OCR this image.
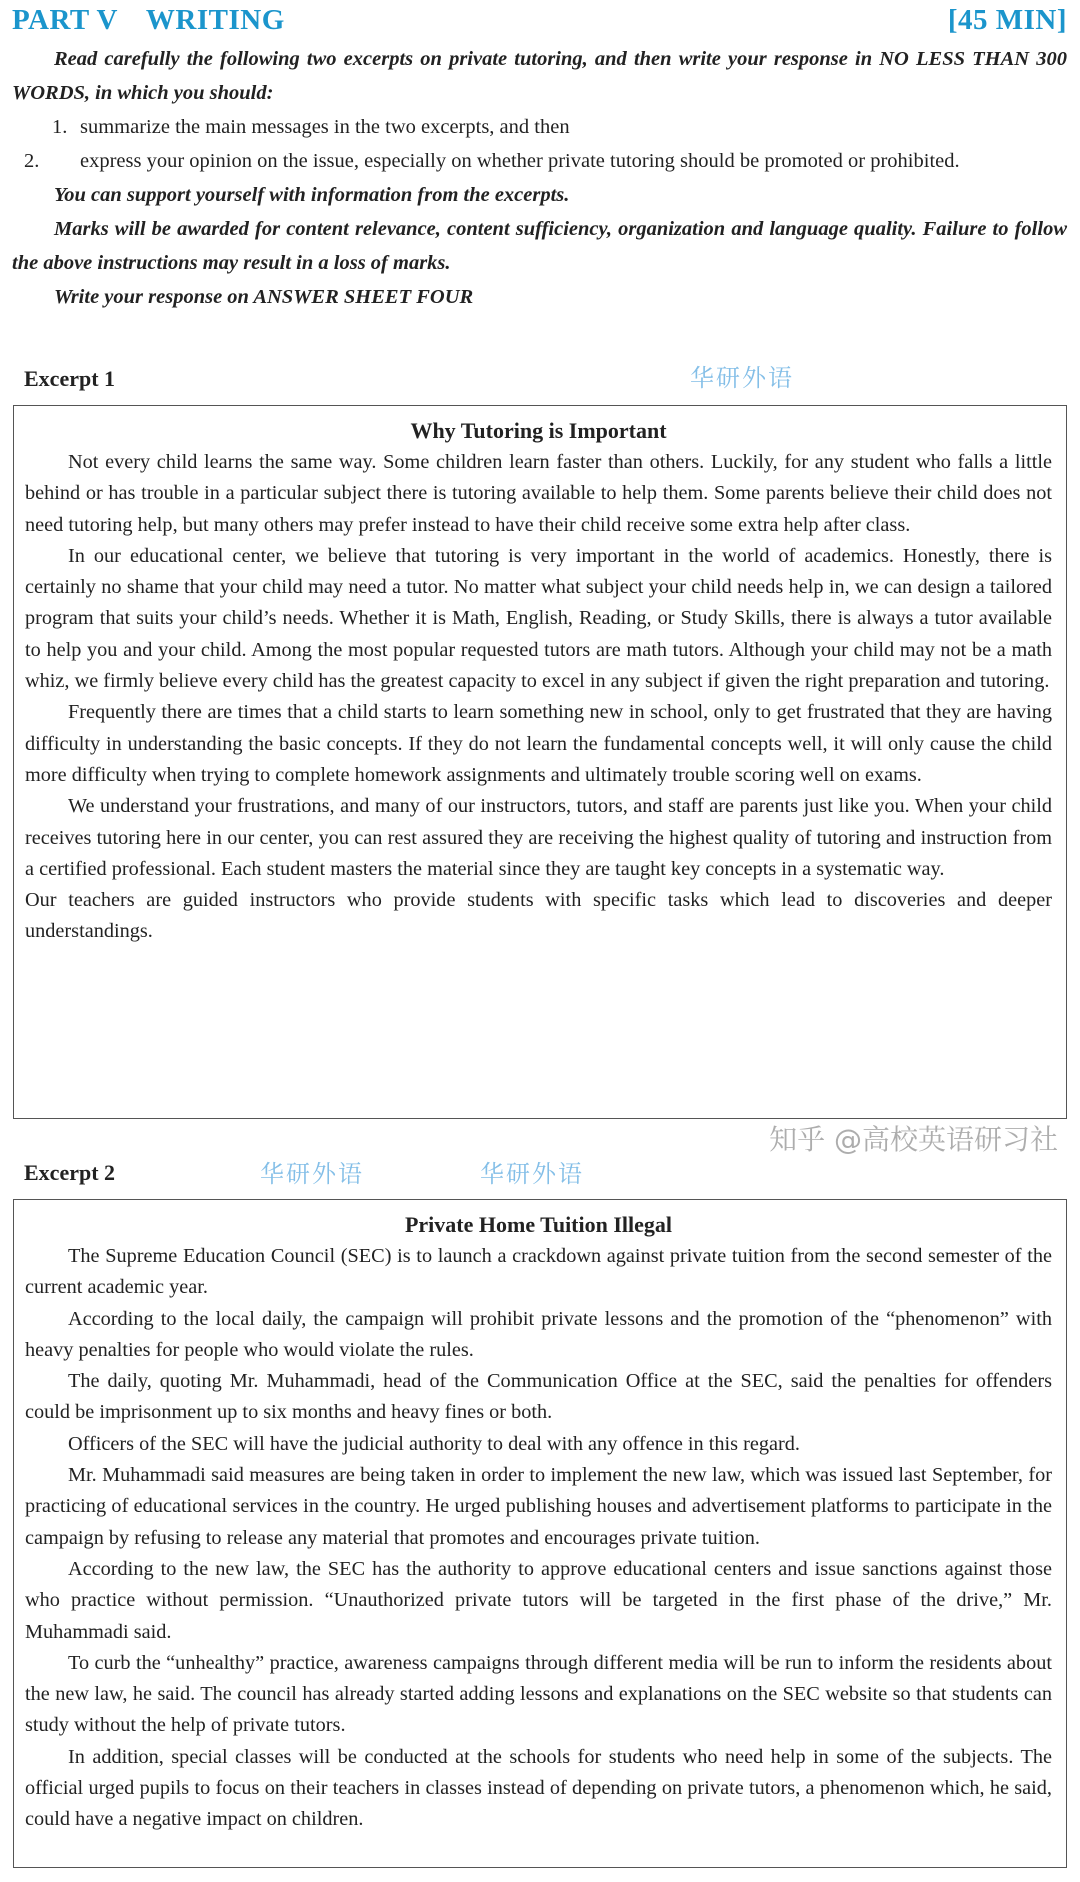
PART V WRITING	[45 MIN]

Read carefully the following two excerpts on private tutoring, and then write your response in NO LESS THAN 300 WORDS, in which you should:

1. summarize the main messages in the two excerpts, and then

2. express your opinion on the issue, especially on whether private tutoring should be promoted or prohibited.

You can support yourself with information from the excerpts.

Marks will be awarded for content relevance, content sufficiency, organization and language quality. Failure to follow the above instructions may result in a loss of marks.

Write your response on ANSWER SHEET FOUR

华研外语
Excerpt 1
Why Tutoring is Important

Not every child learns the same way. Some children learn faster than others. Luckily, for any student who falls a little behind or has trouble in a particular subject there is tutoring available to help them. Some parents believe their child does not need tutoring help, but many others may prefer instead to have their child receive some extra help after class.

In our educational center, we believe that tutoring is very important in the world of academics. Honestly, there is certainly no shame that your child may need a tutor. No matter what subject your child needs help in, we can design a tailored program that suits your child’s needs. Whether it is Math, English, Reading, or Study Skills, there is always a tutor available to help you and your child. Among the most popular requested tutors are math tutors. Although your child may not be a math whiz, we firmly believe every child has the greatest capacity to excel in any subject if given the right preparation and tutoring.

Frequently there are times that a child starts to learn something new in school, only to get frustrated that they are having difficulty in understanding the basic concepts. If they do not learn the fundamental concepts well, it will only cause the child more difficulty when trying to complete homework assignments and ultimately trouble scoring well on exams.

We understand your frustrations, and many of our instructors, tutors, and staff are parents just like you. When your child receives tutoring here in our center, you can rest assured they are receiving the highest quality of tutoring and instruction from a certified professional. Each student masters the material since they are taught key concepts in a systematic way.

Our teachers are guided instructors who provide students with specific tasks which lead to discoveries and deeper understandings.

华研外语
Excerpt 2
Private Home Tuition Illegal

The Supreme Education Council (SEC) is to launch a crackdown against private tuition from the second semester of the current academic year.

According to the local daily, the campaign will prohibit private lessons and the promotion of the “phenomenon” with heavy penalties for people who would violate the rules.

The daily, quoting Mr. Muhammadi, head of the Communication Office at the SEC, said the penalties for offenders could be imprisonment up to six months and heavy fines or both.

Officers of the SEC will have the judicial authority to deal with any offence in this regard.

Mr. Muhammadi said measures are being taken in order to implement the new law, which was issued last September, for practicing of educational services in the country. He urged publishing houses and advertisement platforms to participate in the campaign by refusing to release any material that promotes and encourages private tuition.

According to the new law, the SEC has the authority to approve educational centers and issue sanctions against those who practice without permission. “Unauthorized private tutors will be targeted in the first phase of the drive,” Mr. Muhammadi said.

To curb the “unhealthy” practice, awareness campaigns through different media will be run to inform the residents about the new law, he said. The council has already started adding lessons and explanations on the SEC website so that students can study without the help of private tutors.

In addition, special classes will be conducted at the schools for students who need help in some of the subjects. The official urged pupils to focus on their teachers in classes instead of depending on private tutors, a phenomenon which, he said, could have a negative impact on children.

华研外语
知乎 @高校英语研习社
